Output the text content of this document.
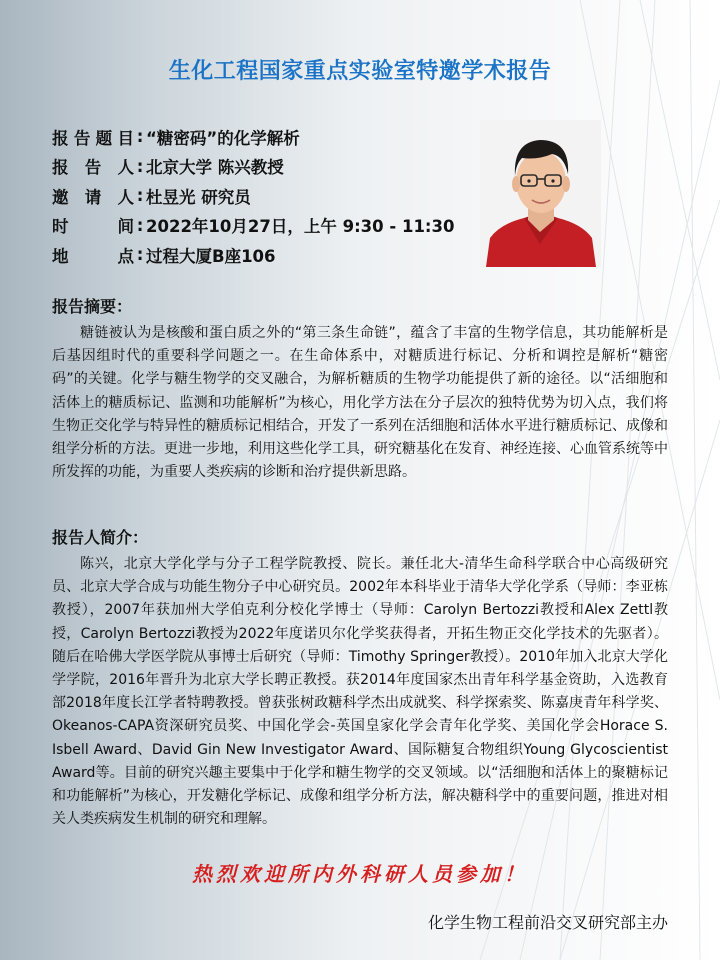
生化工程国家重点实验室特邀学术报告
报告题目 : “糖密码”的化学解析
报 告 人 : 北京大学 陈兴教授
邀 请 人 : 杜昱光 研究员
时 间 : 2022年10月27日，上午 9:30 - 11:30
地 点 : 过程大厦B座106
报告摘要：
糖链被认为是核酸和蛋白质之外的“第三条生命链”，蕴含了丰富的生物学信息，其功能解析是后基因组时代的重要科学问题之一。在生命体系中，对糖质进行标记、分析和调控是解析“糖密码”的关键。化学与糖生物学的交叉融合，为解析糖质的生物学功能提供了新的途径。以“活细胞和活体上的糖质标记、监测和功能解析”为核心，用化学方法在分子层次的独特优势为切入点，我们将生物正交化学与特异性的糖质标记相结合，开发了一系列在活细胞和活体水平进行糖质标记、成像和组学分析的方法。更进一步地，利用这些化学工具，研究糖基化在发育、神经连接、心血管系统等中所发挥的功能，为重要人类疾病的诊断和治疗提供新思路。
报告人简介：
陈兴，北京大学化学与分子工程学院教授、院长。兼任北大-清华生命科学联合中心高级研究员、北京大学合成与功能生物分子中心研究员。2002年本科毕业于清华大学化学系（导师：李亚栋教授），2007年获加州大学伯克利分校化学博士（导师：Carolyn Bertozzi教授和Alex Zettl教授，Carolyn Bertozzi教授为2022年度诺贝尔化学奖获得者，开拓生物正交化学技术的先驱者）。随后在哈佛大学医学院从事博士后研究（导师：Timothy Springer教授）。2010年加入北京大学化学学院，2016年晋升为北京大学长聘正教授。获2014年度国家杰出青年科学基金资助，入选教育部2018年度长江学者特聘教授。曾获张树政糖科学杰出成就奖、科学探索奖、陈嘉庚青年科学奖、Okeanos-CAPA资深研究员奖、中国化学会-英国皇家化学会青年化学奖、美国化学会Horace S. Isbell Award、David Gin New Investigator Award、国际糖复合物组织Young Glycoscientist Award等。目前的研究兴趣主要集中于化学和糖生物学的交叉领域。以“活细胞和活体上的聚糖标记和功能解析”为核心，开发糖化学标记、成像和组学分析方法，解决糖科学中的重要问题，推进对相关人类疾病发生机制的研究和理解。
热烈欢迎所内外科研人员参加！
化学生物工程前沿交叉研究部主办
